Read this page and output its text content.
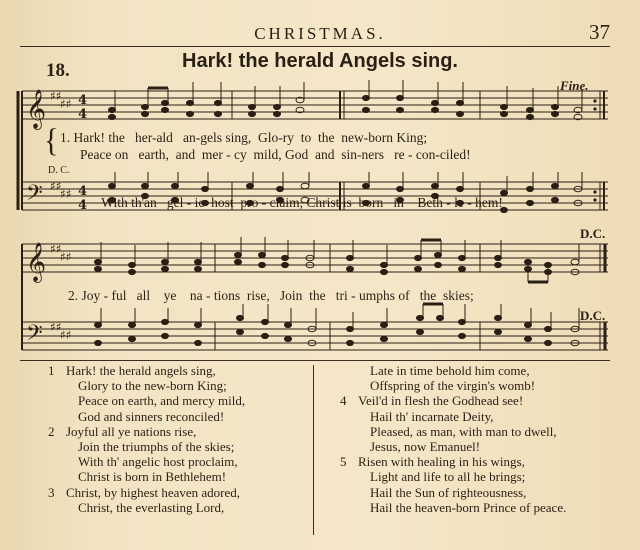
CHRISTMAS.	37
18.	Hark! the herald Angels sing.
Fine.
𝄞
𝄢
𝄞
𝄢
♯♯
♯♯
♯♯
♯♯
♯♯
♯♯
♯♯
♯♯
4
4
4
4
D.C.
D.C.
{ 1. Hark! the   her-ald   an-gels sing,  Glo-ry  to  the  new-born King;
Peace on   earth,  and  mer - cy  mild, God  and  sin-ners   re - con-ciled!

D. C.

With th'an   gel - ic  host  pro - claim, Christ is  born   in    Beth - le - hem!

2. Joy - ful   all    ye    na - tions  rise,   Join  the   tri - umphs of   the  skies;
1 Hark! the herald angels sing,
Glory to the new-born King;
Peace on earth, and mercy mild,
God and sinners reconciled!
2 Joyful all ye nations rise,
Join the triumphs of the skies;
With th' angelic host proclaim,
Christ is born in Bethlehem!
3 Christ, by highest heaven adored,
Christ, the everlasting Lord,
Late in time behold him come,
Offspring of the virgin's womb!
4 Veil'd in flesh the Godhead see!
Hail th' incarnate Deity,
Pleased, as man, with man to dwell,
Jesus, now Emanuel!
5 Risen with healing in his wings,
Light and life to all he brings;
Hail the Sun of righteousness,
Hail the heaven-born Prince of peace.
